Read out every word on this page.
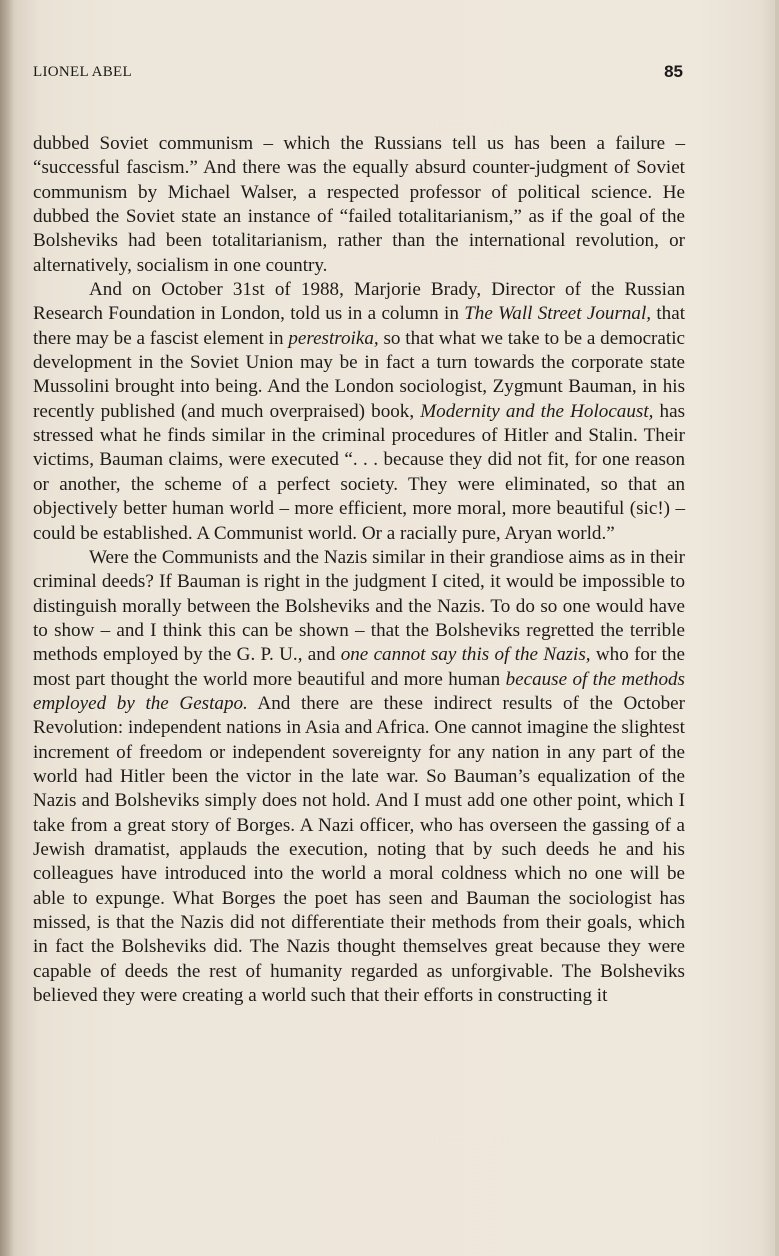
LIONEL ABEL	85

dubbed Soviet communism – which the Russians tell us has been a failure – “successful fascism.” And there was the equally absurd counter-judgment of Soviet communism by Michael Walser, a respected professor of political science. He dubbed the Soviet state an instance of “failed totalitarianism,” as if the goal of the Bolsheviks had been totalitarianism, rather than the international revolution, or alternatively, socialism in one country.

And on October 31st of 1988, Marjorie Brady, Director of the Russian Research Foundation in London, told us in a column in The Wall Street Journal, that there may be a fascist element in perestroika, so that what we take to be a democratic development in the Soviet Union may be in fact a turn towards the corporate state Mussolini brought into being. And the London sociologist, Zygmunt Bauman, in his recently published (and much overpraised) book, Modernity and the Holocaust, has stressed what he finds similar in the criminal procedures of Hitler and Stalin. Their victims, Bauman claims, were executed “. . . because they did not fit, for one reason or another, the scheme of a perfect society. They were eliminated, so that an objectively better human world – more efficient, more moral, more beautiful (sic!) – could be established. A Communist world. Or a racially pure, Aryan world.”

Were the Communists and the Nazis similar in their grandiose aims as in their criminal deeds? If Bauman is right in the judgment I cited, it would be impossible to distinguish morally between the Bolsheviks and the Nazis. To do so one would have to show – and I think this can be shown – that the Bolsheviks regretted the terrible methods employed by the G. P. U., and one cannot say this of the Nazis, who for the most part thought the world more beautiful and more human because of the methods employed by the Gestapo. And there are these indirect results of the October Revolution: independent nations in Asia and Africa. One cannot imagine the slightest increment of freedom or independent sovereignty for any nation in any part of the world had Hitler been the victor in the late war. So Bauman’s equalization of the Nazis and Bolsheviks simply does not hold. And I must add one other point, which I take from a great story of Borges. A Nazi officer, who has overseen the gassing of a Jewish dramatist, applauds the execution, noting that by such deeds he and his colleagues have introduced into the world a moral coldness which no one will be able to expunge. What Borges the poet has seen and Bauman the sociologist has missed, is that the Nazis did not differentiate their methods from their goals, which in fact the Bolsheviks did. The Nazis thought themselves great because they were capable of deeds the rest of humanity regarded as unforgivable. The Bolsheviks believed they were creating a world such that their efforts in constructing it
